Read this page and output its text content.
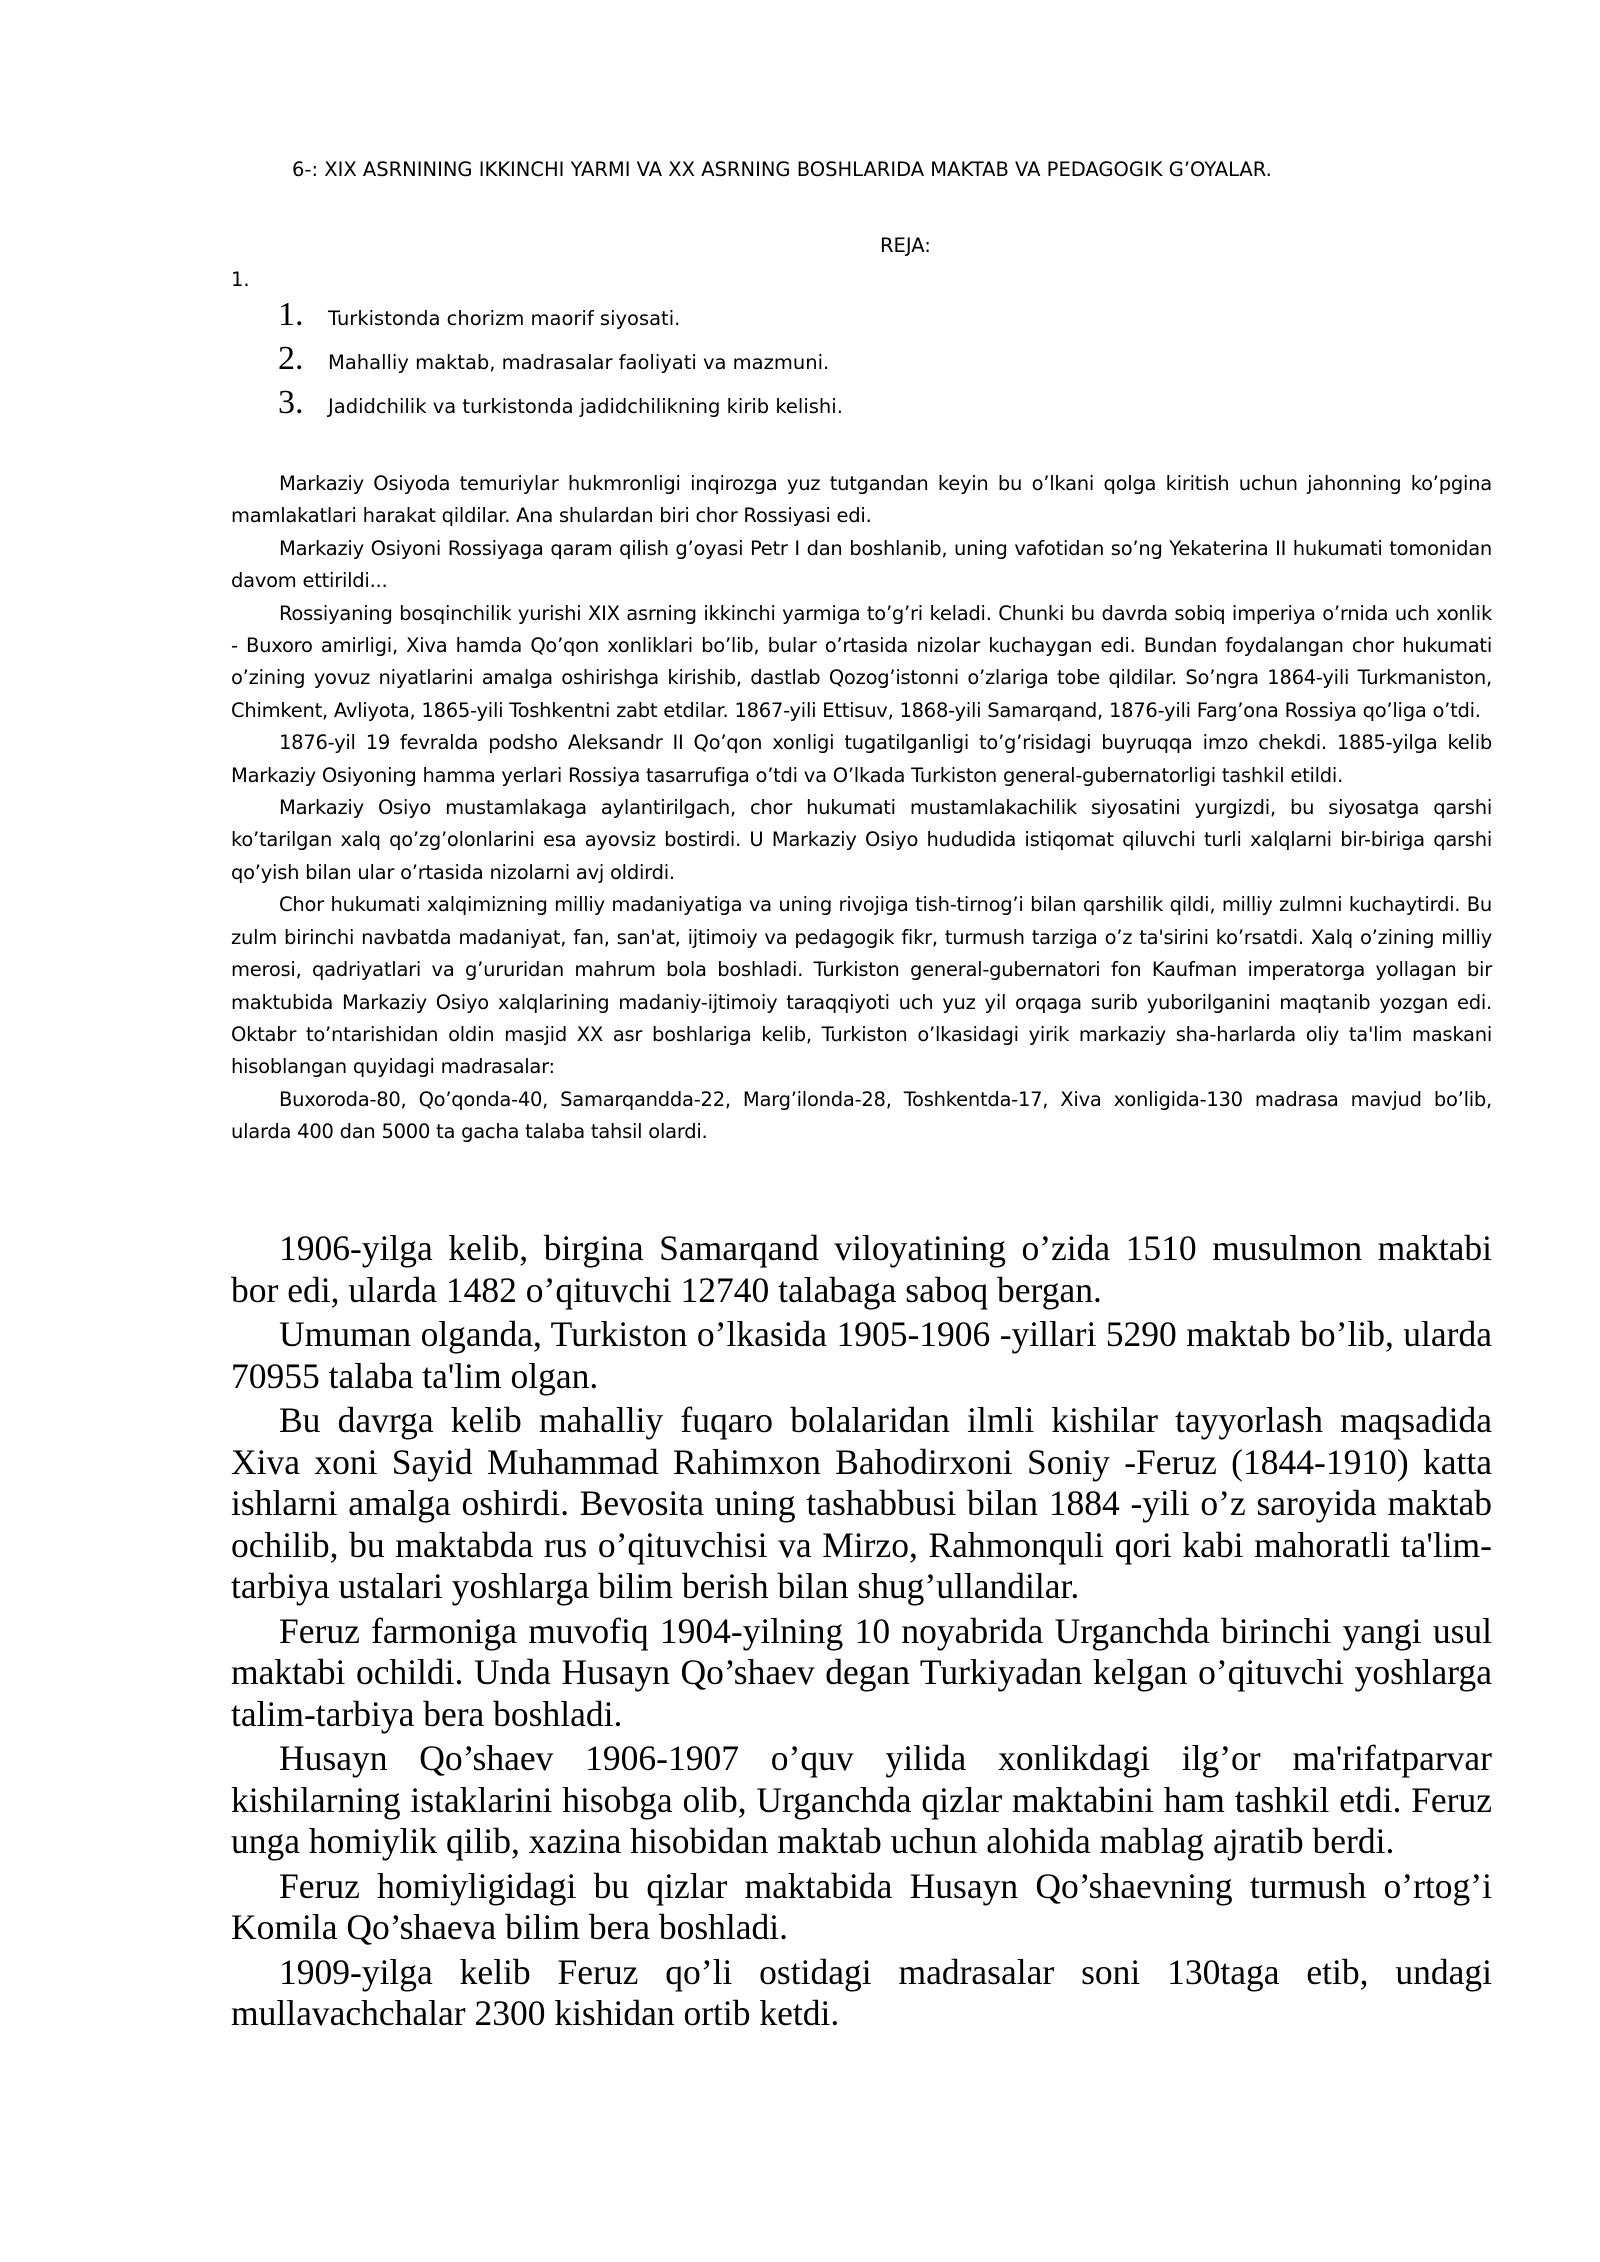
6-: XIX ASRNINING IKKINCHI YARMI VA XX ASRNING BOSHLARIDA MAKTAB VA PEDAGOGIK G’OYALAR.
REJA:
1.
1.	Turkistonda chorizm maorif siyosati.
2.	Mahalliy maktab, madrasalar faoliyati va mazmuni.
3.	Jadidchilik va turkistonda jadidchilikning kirib kelishi.

Markaziy Osiyoda temuriylar hukmronligi inqirozga yuz tutgandan keyin bu o’lkani qolga kiritish uchun jahonning ko’pgina mamlakatlari harakat qildilar. Ana shulardan biri chor Rossiyasi edi.

Markaziy Osiyoni Rossiyaga qaram qilish g’oyasi Petr I dan boshlanib, uning vafotidan so’ng Yekaterina II hukumati tomonidan davom ettirildi...

Rossiyaning bosqinchilik yurishi XIX asrning ikkinchi yarmiga to’g’ri keladi. Chunki bu davrda sobiq imperiya o’rnida uch xonlik - Buxoro amirligi, Xiva hamda Qo’qon xonliklari bo’lib, bular o’rtasida nizolar kuchaygan edi. Bundan foydalangan chor hukumati o’zining yovuz niyatlarini amalga oshirishga kirishib, dastlab Qozog’istonni o’zlariga tobe qildilar. So’ngra 1864-yili Turkmaniston, Chimkent, Avliyota, 1865-yili Toshkentni zabt etdilar. 1867-yili Ettisuv, 1868-yili Samarqand, 1876-yili Farg’ona Rossiya qo’liga o’tdi.

1876-yil 19 fevralda podsho Aleksandr II Qo’qon xonligi tugatilganligi to’g’risidagi buyruqqa imzo chekdi. 1885-yilga kelib Markaziy Osiyoning hamma yerlari Rossiya tasarrufiga o’tdi va O’lkada Turkiston general-gubernatorligi tashkil etildi.

Markaziy Osiyo mustamlakaga aylantirilgach, chor hukumati mustamlakachilik siyosatini yurgizdi, bu siyosatga qarshi ko’tarilgan xalq qo’zg’olonlarini esa ayovsiz bostirdi. U Markaziy Osiyo hududida istiqomat qiluvchi turli xalqlarni bir-biriga qarshi qo’yish bilan ular o’rtasida nizolarni avj oldirdi.

Chor hukumati xalqimizning milliy madaniyatiga va uning rivojiga tish-tirnog’i bilan qarshilik qildi, milliy zulmni kuchaytirdi. Bu zulm birinchi navbatda madaniyat, fan, san'at, ijtimoiy va pedagogik fikr, turmush tarziga o’z ta'sirini ko’rsatdi. Xalq o’zining milliy merosi, qadriyatlari va g’ururidan mahrum bola boshladi. Turkiston general-gubernatori fon Kaufman imperatorga yollagan bir maktubida Markaziy Osiyo xalqlarining madaniy-ijtimoiy taraqqiyoti uch yuz yil orqaga surib yuborilganini maqtanib yozgan edi. Oktabr to’ntarishidan oldin masjid XX asr boshlariga kelib, Turkiston o’lkasidagi yirik markaziy sha-harlarda oliy ta'lim maskani hisoblangan quyidagi madrasalar:

Buxoroda-80, Qo’qonda-40, Samarqandda-22, Marg’ilonda-28, Toshkentda-17, Xiva xonligida-130 madrasa mavjud bo’lib, ularda 400 dan 5000 ta gacha talaba tahsil olardi.

1906-yilga kelib, birgina Samarqand viloyatining o’zida 1510 musulmon maktabi bor edi, ularda 1482 o’qituvchi 12740 talabaga saboq bergan.

Umuman olganda, Turkiston o’lkasida 1905-1906 -yillari 5290 maktab bo’lib, ularda 70955 talaba ta'lim olgan.

Bu davrga kelib mahalliy fuqaro bolalaridan ilmli kishilar tayyorlash maqsadida Xiva xoni Sayid Muhammad Rahimxon Bahodirxoni Soniy -Feruz (1844-1910) katta ishlarni amalga oshirdi. Bevosita uning tashabbusi bilan 1884 -yili o’z saroyida maktab ochilib, bu maktabda rus o’qituvchisi va Mirzo, Rahmonquli qori kabi mahoratli ta'lim-tarbiya ustalari yoshlarga bilim berish bilan shug’ullandilar.

Feruz farmoniga muvofiq 1904-yilning 10 noyabrida Urganchda birinchi yangi usul maktabi ochildi. Unda Husayn Qo’shaev degan Turkiyadan kelgan o’qituvchi yoshlarga talim-tarbiya bera boshladi.

Husayn Qo’shaev 1906-1907 o’quv yilida xonlikdagi ilg’or ma'rifatparvar kishilarning istaklarini hisobga olib, Urganchda qizlar maktabini ham tashkil etdi. Feruz unga homiylik qilib, xazina hisobidan maktab uchun alohida mablag ajratib berdi.

Feruz homiyligidagi bu qizlar maktabida Husayn Qo’shaevning turmush o’rtog’i Komila Qo’shaeva bilim bera boshladi.

1909-yilga kelib Feruz qo’li ostidagi madrasalar soni 130taga etib, undagi mullavachchalar 2300 kishidan ortib ketdi.
